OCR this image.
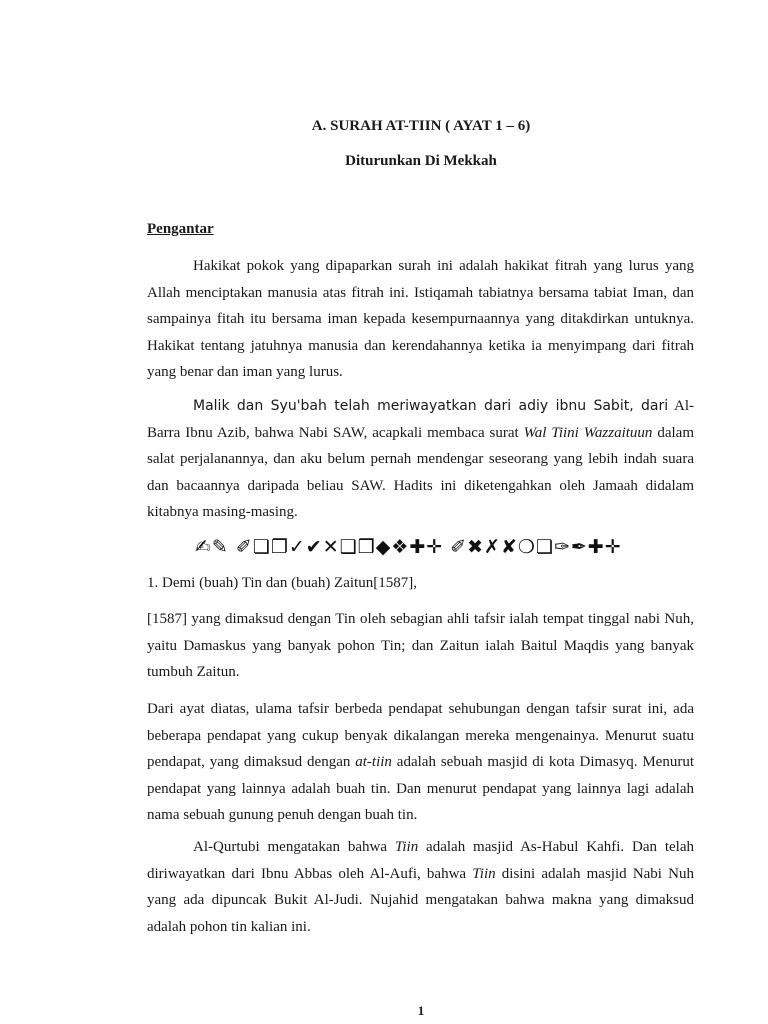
A. SURAH AT-TIIN ( AYAT 1 – 6)
Diturunkan Di Mekkah
Pengantar
Hakikat pokok yang dipaparkan surah ini adalah hakikat fitrah yang lurus yang Allah menciptakan manusia atas fitrah ini. Istiqamah tabiatnya bersama tabiat Iman, dan sampainya fitah itu bersama iman kepada kesempurnaannya yang ditakdirkan untuknya. Hakikat tentang jatuhnya manusia dan kerendahannya ketika ia menyimpang dari fitrah yang benar dan iman yang lurus.
Malik dan Syu'bah telah meriwayatkan dari adiy ibnu Sabit, dari Al-Barra Ibnu Azib, bahwa Nabi SAW, acapkali membaca surat Wal Tiini Wazzaituun dalam salat perjalanannya, dan aku belum pernah mendengar seseorang yang lebih indah suara dan bacaannya daripada beliau SAW. Hadits ini diketengahkan oleh Jamaah didalam kitabnya masing-masing.
✍✎ ✐❏❐✓✔✕❑❒◆❖✚✛ ✐✖✗✘❍❏✑✒✚✛
1. Demi (buah) Tin dan (buah) Zaitun[1587],
[1587] yang dimaksud dengan Tin oleh sebagian ahli tafsir ialah tempat tinggal nabi Nuh, yaitu Damaskus yang banyak pohon Tin; dan Zaitun ialah Baitul Maqdis yang banyak tumbuh Zaitun.
Dari ayat diatas, ulama tafsir berbeda pendapat sehubungan dengan tafsir surat ini, ada beberapa pendapat yang cukup benyak dikalangan mereka mengenainya. Menurut suatu pendapat, yang dimaksud dengan at-tiin adalah sebuah masjid di kota Dimasyq. Menurut pendapat yang lainnya adalah buah tin. Dan menurut pendapat yang lainnya lagi adalah nama sebuah gunung penuh dengan buah tin.
Al-Qurtubi mengatakan bahwa Tiin adalah masjid As-Habul Kahfi. Dan telah diriwayatkan dari Ibnu Abbas oleh Al-Aufi, bahwa Tiin disini adalah masjid Nabi Nuh yang ada dipuncak Bukit Al-Judi. Nujahid mengatakan bahwa makna yang dimaksud adalah pohon tin kalian ini.
1
